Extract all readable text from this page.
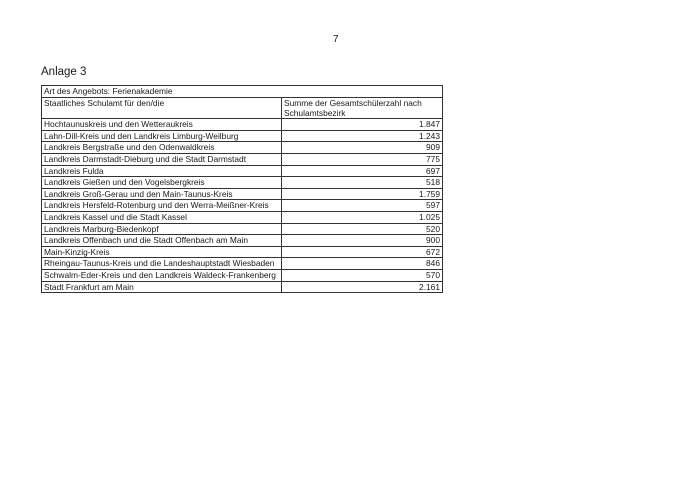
7
Anlage 3
Art des Angebots: Ferienakademie	
Staatliches Schulamt für den/die	Summe der Gesamtschülerzahl nach Schulamtsbezirk
Hochtaunuskreis und den Wetteraukreis	1.847
Lahn-Dill-Kreis und den Landkreis Limburg-Weilburg	1.243
Landkreis Bergstraße und den Odenwaldkreis	909
Landkreis Darmstadt-Dieburg und die Stadt Darmstadt	775
Landkreis Fulda	697
Landkreis Gießen und den Vogelsbergkreis	518
Landkreis Groß-Gerau und den Main-Taunus-Kreis	1.759
Landkreis Hersfeld-Rotenburg und den Werra-Meißner-Kreis	597
Landkreis Kassel und die Stadt Kassel	1.025
Landkreis Marburg-Biedenkopf	520
Landkreis Offenbach und die Stadt Offenbach am Main	900
Main-Kinzig-Kreis	672
Rheingau-Taunus-Kreis und die Landeshauptstadt Wiesbaden	846
Schwalm-Eder-Kreis und den Landkreis Waldeck-Frankenberg	570
Stadt Frankfurt am Main	2.161
